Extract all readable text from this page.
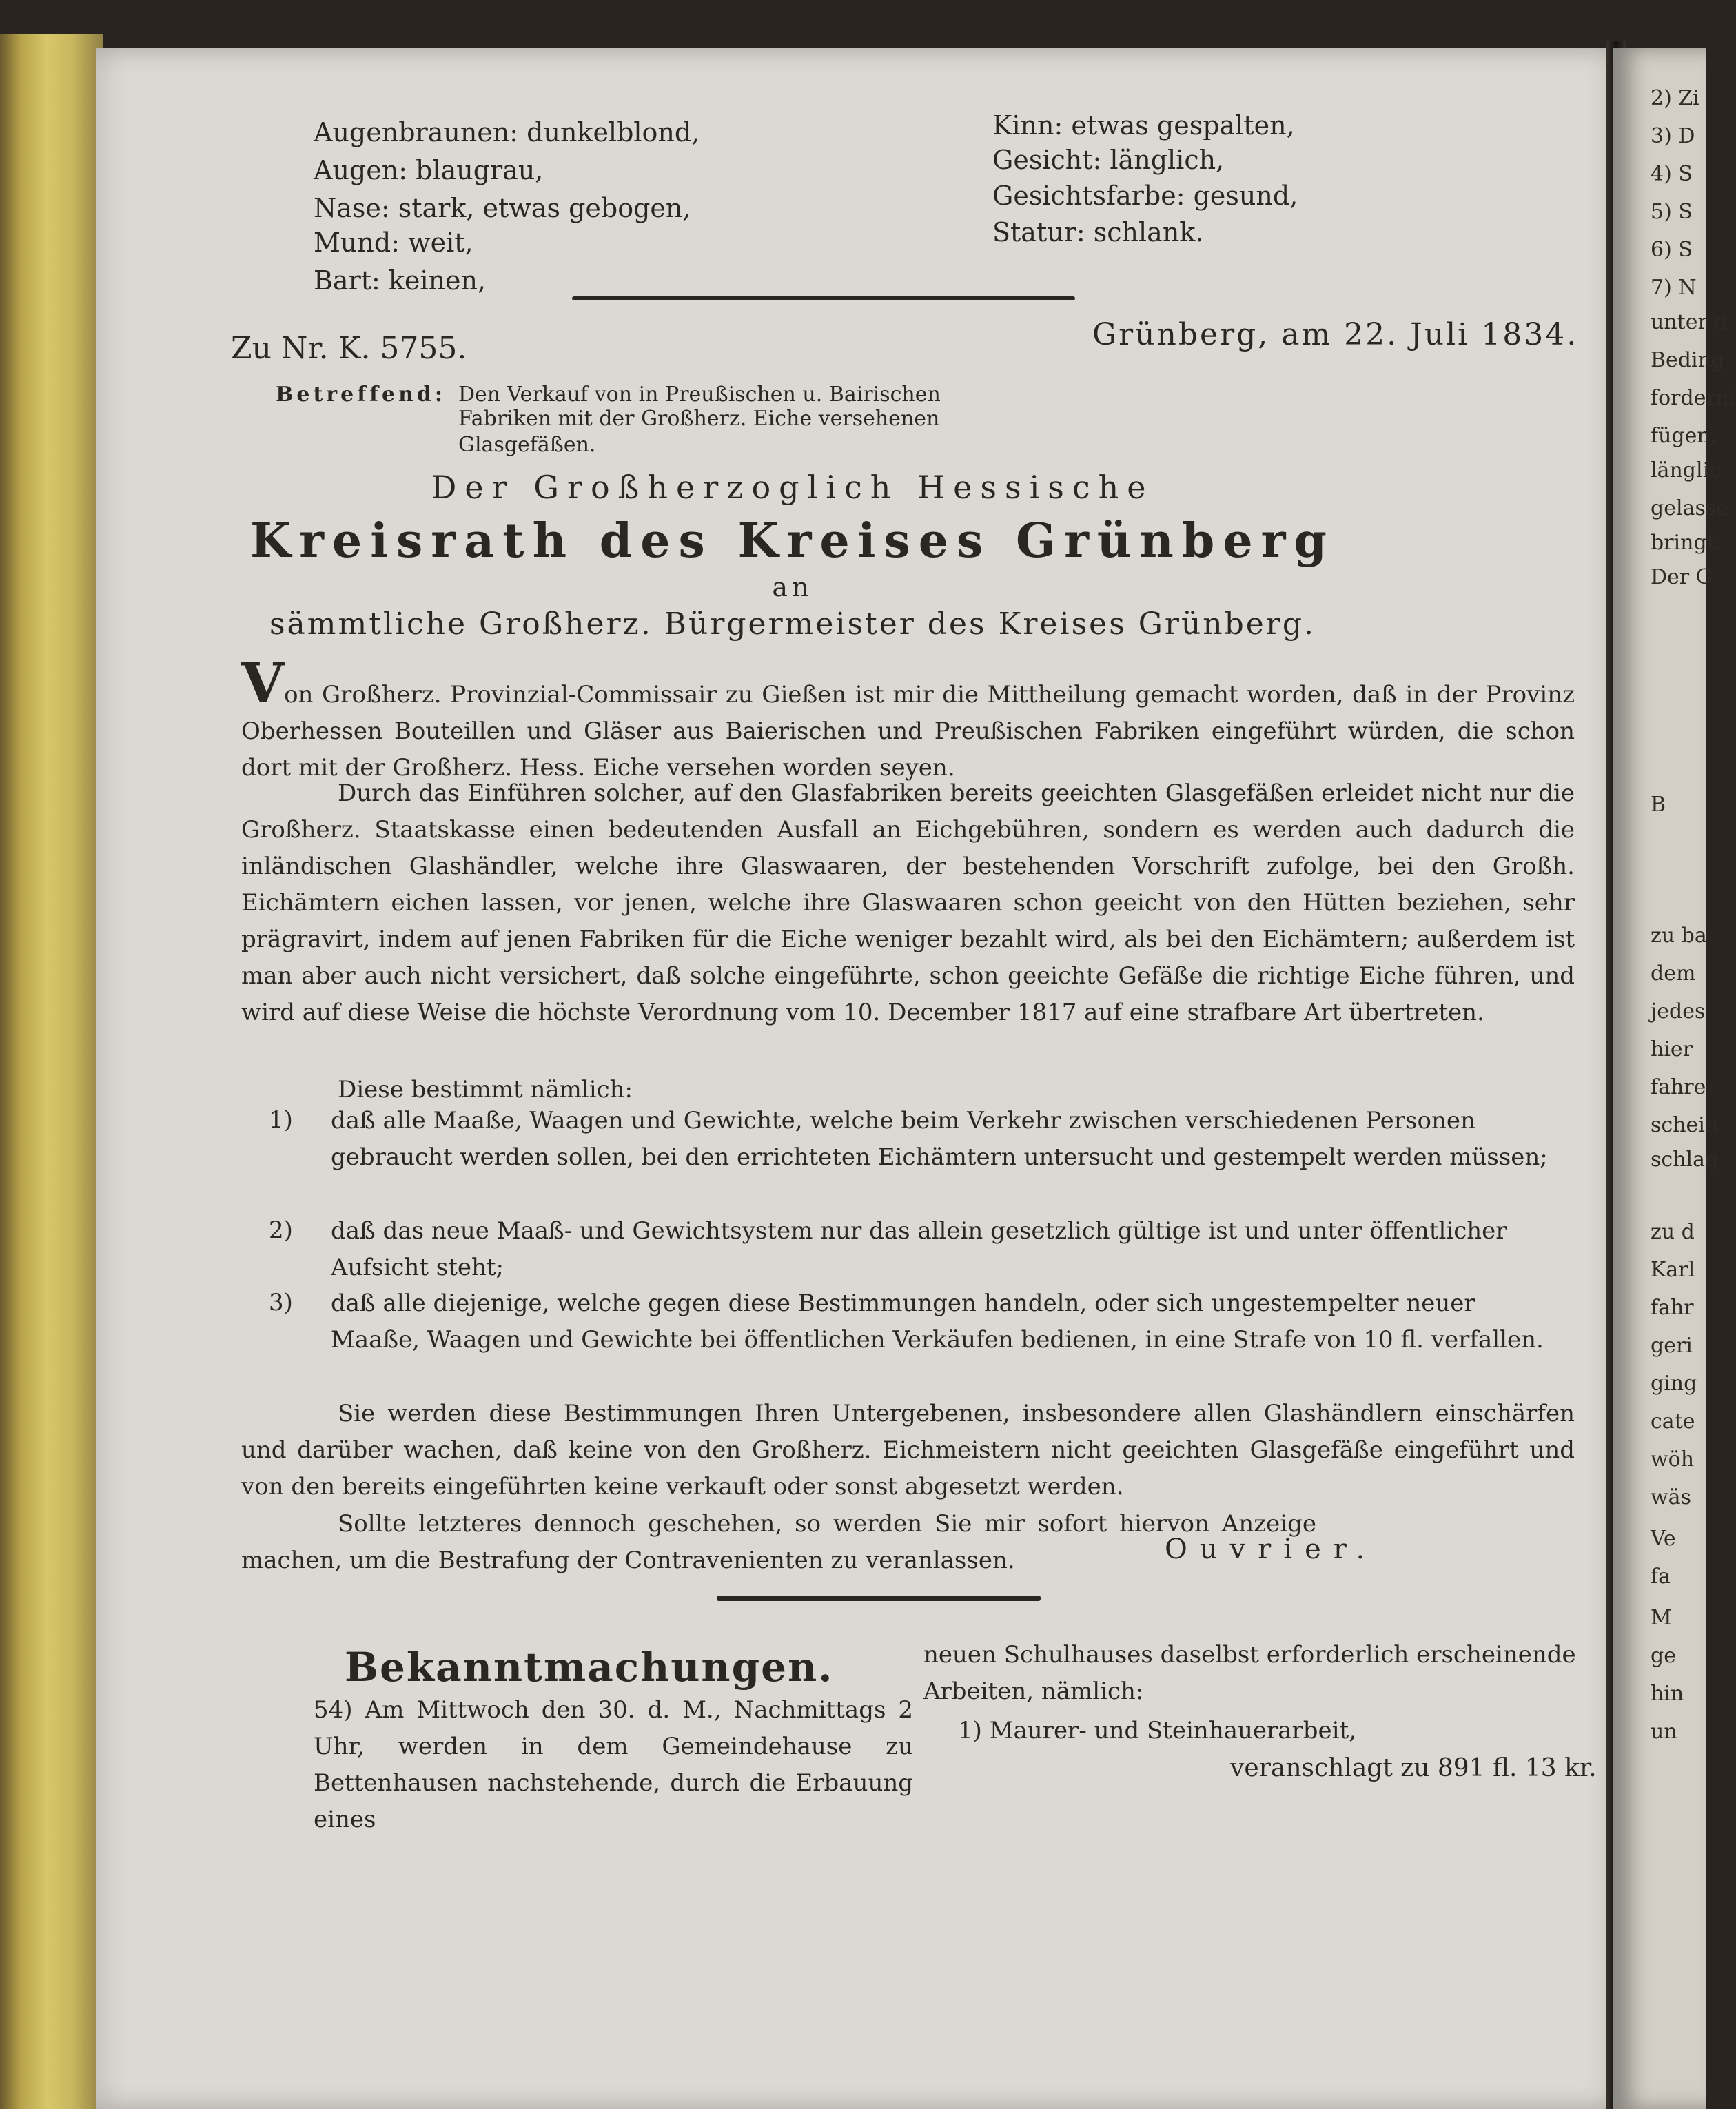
2) Zi
3) D
4) S
5) S
6) S
7) N
unter d
Beding
forderni
fügen,
länglic
gelasse
bringt.
Der G
B
zu ba
dem
jedes
hier
fahre
schein
schlag
zu d
Karl
fahr
geri
ging
cate
wöh
wäs
Ve
fa
M
ge
hin
un
Augenbraunen: dunkelblond,
Augen: blaugrau,
Nase: stark, etwas gebogen,
Mund: weit,
Bart: keinen,
Kinn: etwas gespalten,
Gesicht: länglich,
Gesichtsfarbe: gesund,
Statur: schlank.
Zu Nr. K. 5755.	Grünberg, am 22. Juli 1834.
Betreffend: Den Verkauf von in Preußischen u. Bairischen
Fabriken mit der Großherz. Eiche versehenen
Glasgefäßen.
Der Großherzoglich Hessische
Kreisrath des Kreises Grünberg
an
sämmtliche Großherz. Bürgermeister des Kreises Grünberg.
Von Großherz. Provinzial-Commissair zu Gießen ist mir die Mittheilung gemacht worden, daß in der Provinz Oberhessen Bouteillen und Gläser aus Baierischen und Preußischen Fabriken eingeführt würden, die schon dort mit der Großherz. Hess. Eiche versehen worden seyen.
Durch das Einführen solcher, auf den Glasfabriken bereits geeichten Glasgefäßen erleidet nicht nur die Großherz. Staatskasse einen bedeutenden Ausfall an Eichgebühren, sondern es werden auch dadurch die inländischen Glashändler, welche ihre Glaswaaren, der bestehenden Vorschrift zufolge, bei den Großh. Eichämtern eichen lassen, vor jenen, welche ihre Glaswaaren schon geeicht von den Hütten beziehen, sehr prägravirt, indem auf jenen Fabriken für die Eiche weniger bezahlt wird, als bei den Eichämtern; außerdem ist man aber auch nicht versichert, daß solche eingeführte, schon geeichte Gefäße die richtige Eiche führen, und wird auf diese Weise die höchste Verordnung vom 10. December 1817 auf eine strafbare Art übertreten.
Diese bestimmt nämlich:
1) daß alle Maaße, Waagen und Gewichte, welche beim Verkehr zwischen verschiedenen Personen gebraucht werden sollen, bei den errichteten Eichämtern untersucht und gestempelt werden müssen;
2) daß das neue Maaß- und Gewichtsystem nur das allein gesetzlich gültige ist und unter öffentlicher Aufsicht steht;
3) daß alle diejenige, welche gegen diese Bestimmungen handeln, oder sich ungestempelter neuer Maaße, Waagen und Gewichte bei öffentlichen Verkäufen bedienen, in eine Strafe von 10 fl. verfallen.
Sie werden diese Bestimmungen Ihren Untergebenen, insbesondere allen Glashändlern einschärfen und darüber wachen, daß keine von den Großherz. Eichmeistern nicht geeichten Glasgefäße eingeführt und von den bereits eingeführten keine verkauft oder sonst abgesetzt werden.
Sollte letzteres dennoch geschehen, so werden Sie mir sofort hiervon Anzeige machen, um die Bestrafung der Contravenienten zu veranlassen.	Ouvrier.
Bekanntmachungen.
54) Am Mittwoch den 30. d. M., Nachmittags 2 Uhr, werden in dem Gemeindehause zu Bettenhausen nachstehende, durch die Erbauung eines
neuen Schulhauses daselbst erforderlich erscheinende Arbeiten, nämlich:
1) Maurer- und Steinhauerarbeit,
veranschlagt zu 891 fl. 13 kr.
